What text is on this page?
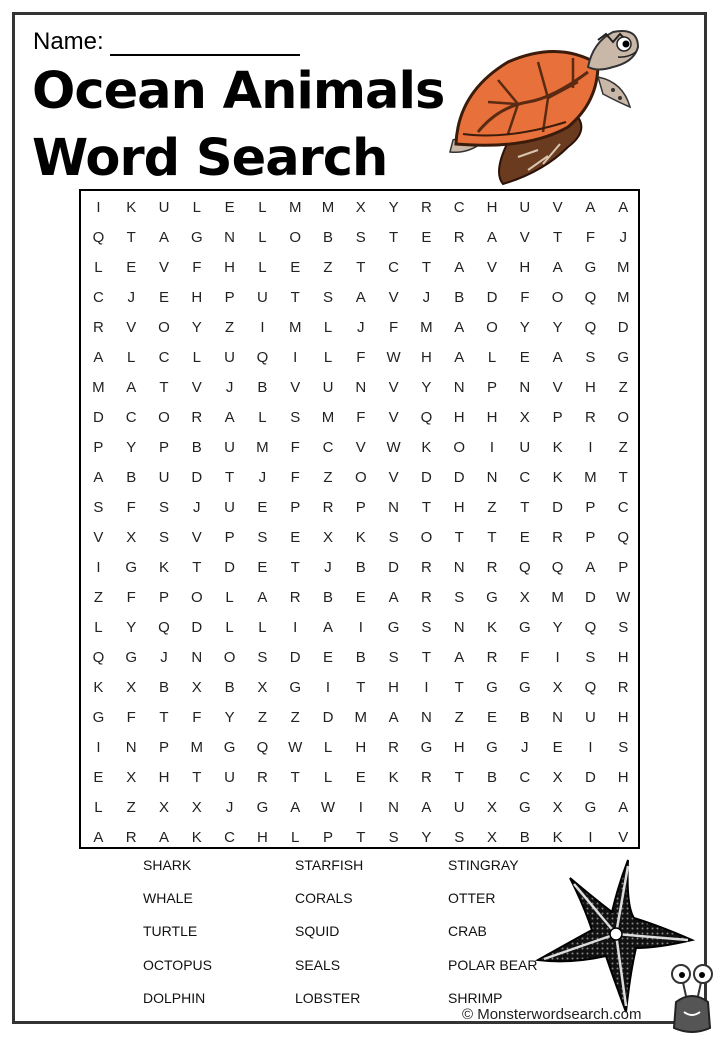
Name:
Ocean Animals
Word Search
I	K	U	L	E	L	M	M	X	Y	R	C	H	U	V	A	A
Q	T	A	G	N	L	O	B	S	T	E	R	A	V	T	F	J
L	E	V	F	H	L	E	Z	T	C	T	A	V	H	A	G	M
C	J	E	H	P	U	T	S	A	V	J	B	D	F	O	Q	M
R	V	O	Y	Z	I	M	L	J	F	M	A	O	Y	Y	Q	D
A	L	C	L	U	Q	I	L	F	W	H	A	L	E	A	S	G
M	A	T	V	J	B	V	U	N	V	Y	N	P	N	V	H	Z
D	C	O	R	A	L	S	M	F	V	Q	H	H	X	P	R	O
P	Y	P	B	U	M	F	C	V	W	K	O	I	U	K	I	Z
A	B	U	D	T	J	F	Z	O	V	D	D	N	C	K	M	T
S	F	S	J	U	E	P	R	P	N	T	H	Z	T	D	P	C
V	X	S	V	P	S	E	X	K	S	O	T	T	E	R	P	Q
I	G	K	T	D	E	T	J	B	D	R	N	R	Q	Q	A	P
Z	F	P	O	L	A	R	B	E	A	R	S	G	X	M	D	W
L	Y	Q	D	L	L	I	A	I	G	S	N	K	G	Y	Q	S
Q	G	J	N	O	S	D	E	B	S	T	A	R	F	I	S	H
K	X	B	X	B	X	G	I	T	H	I	T	G	G	X	Q	R
G	F	T	F	Y	Z	Z	D	M	A	N	Z	E	B	N	U	H
I	N	P	M	G	Q	W	L	H	R	G	H	G	J	E	I	S
E	X	H	T	U	R	T	L	E	K	R	T	B	C	X	D	H
L	Z	X	X	J	G	A	W	I	N	A	U	X	G	X	G	A
A	R	A	K	C	H	L	P	T	S	Y	S	X	B	K	I	V
SHARK
WHALE
TURTLE
OCTOPUS
DOLPHIN
STARFISH
CORALS
SQUID
SEALS
LOBSTER
STINGRAY
OTTER
CRAB
POLAR BEAR
SHRIMP
© Monsterwordsearch.com
